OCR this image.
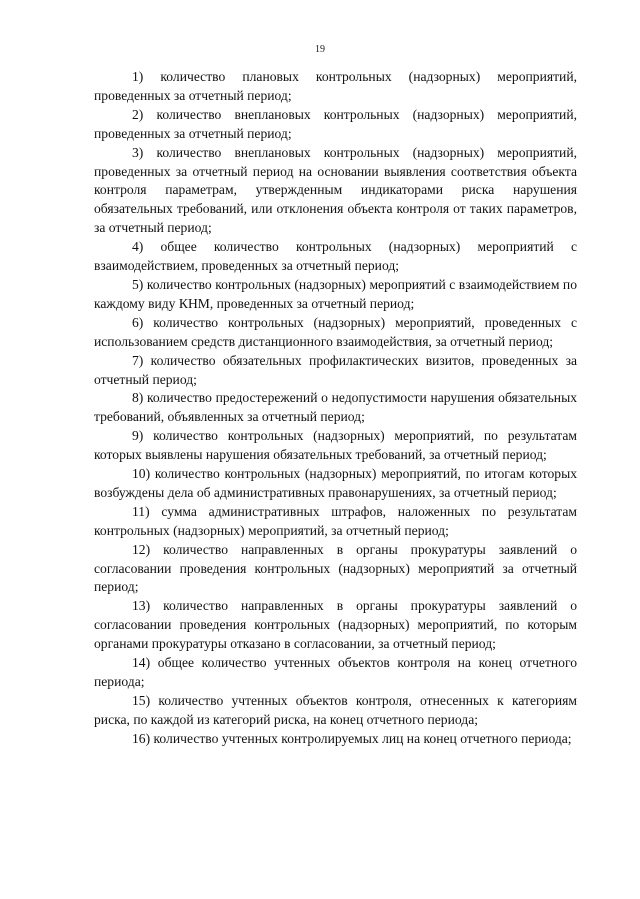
19

1) количество плановых контрольных (надзорных) мероприятий, проведенных за отчетный период;

2) количество внеплановых контрольных (надзорных) мероприятий, проведенных за отчетный период;

3) количество внеплановых контрольных (надзорных) мероприятий, проведенных за отчетный период на основании выявления соответствия объекта контроля параметрам, утвержденным индикаторами риска нарушения обязательных требований, или отклонения объекта контроля от таких параметров, за отчетный период;

4) общее количество контрольных (надзорных) мероприятий с взаимодействием, проведенных за отчетный период;

5) количество контрольных (надзорных) мероприятий с взаимодействием по каждому виду КНМ, проведенных за отчетный период;

6) количество контрольных (надзорных) мероприятий, проведенных с использованием средств дистанционного взаимодействия, за отчетный период;

7) количество обязательных профилактических визитов, проведенных за отчетный период;

8) количество предостережений о недопустимости нарушения обязательных требований, объявленных за отчетный период;

9) количество контрольных (надзорных) мероприятий, по результатам которых выявлены нарушения обязательных требований, за отчетный период;

10) количество контрольных (надзорных) мероприятий, по итогам которых возбуждены дела об административных правонарушениях, за отчетный период;

11) сумма административных штрафов, наложенных по результатам контрольных (надзорных) мероприятий, за отчетный период;

12) количество направленных в органы прокуратуры заявлений о согласовании проведения контрольных (надзорных) мероприятий за отчетный период;

13) количество направленных в органы прокуратуры заявлений о согласовании проведения контрольных (надзорных) мероприятий, по которым органами прокуратуры отказано в согласовании, за отчетный период;

14) общее количество учтенных объектов контроля на конец отчетного периода;

15) количество учтенных объектов контроля, отнесенных к категориям риска, по каждой из категорий риска, на конец отчетного периода;

16) количество учтенных контролируемых лиц на конец отчетного периода;
